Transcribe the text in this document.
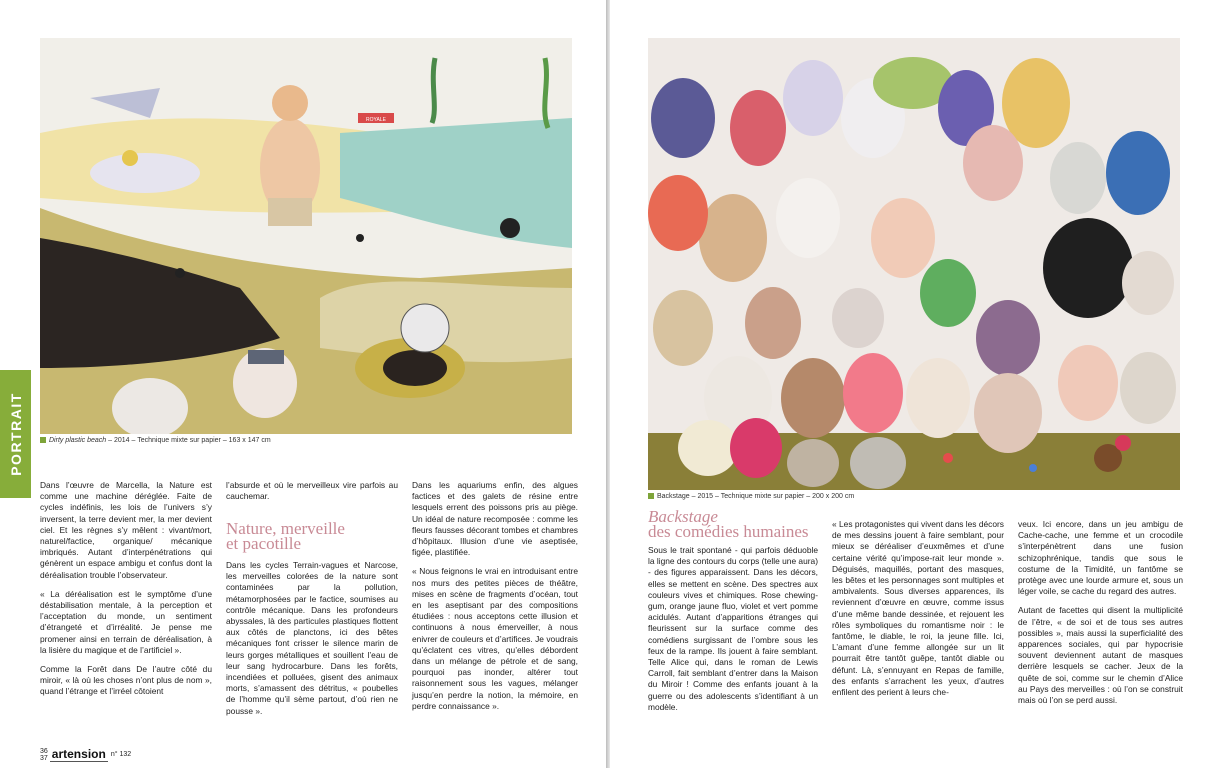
ROYALE
Dirty plastic beach – 2014 – Technique mixte sur papier – 163 x 147 cm
PORTRAIT

Dans l’œuvre de Marcella, la Nature est comme une machine déréglée. Faite de cycles indéfinis, les lois de l’univers s’y inversent, la terre devient mer, la mer devient ciel. Et les règnes s’y mêlent : vivant/mort, naturel/factice, organique/ mécanique imbriqués. Autant d’interpénétrations qui génèrent un espace ambigu et confus dont la déréalisation trouble l’observateur.

« La déréalisation est le symptôme d’une déstabilisation mentale, à la perception et l’acceptation du monde, un sentiment d’étrangeté et d’irréalité. Je pense me promener ainsi en terrain de déréalisation, à la lisière du magique et de l’artificiel ».

Comme la Forêt dans De l’autre côté du miroir, « là où les choses n’ont plus de nom », quand l’étrange et l’irréel côtoient

l’absurde et où le merveilleux vire parfois au cauchemar.

Nature, merveille
et pacotille

Dans les cycles Terrain-vagues et Narcose, les merveilles colorées de la nature sont contaminées par la pollution, métamorphosées par le factice, soumises au contrôle mécanique. Dans les profondeurs abyssales, là des particules plastiques flottent aux côtés de planctons, ici des bêtes mécaniques font crisser le silence marin de leurs gorges métalliques et souillent l’eau de leur sang hydrocarbure. Dans les forêts, incendiées et polluées, gisent des animaux morts, s’amassent des détritus, « poubelles de l’homme qu’il sème partout, d’où rien ne pousse ».

Dans les aquariums enfin, des algues factices et des galets de résine entre lesquels errent des poissons pris au piège. Un idéal de nature recomposée : comme les fleurs fausses décorant tombes et chambres d’hôpitaux. Illusion d’une vie aseptisée, figée, plastifiée.

« Nous feignons le vrai en introduisant entre nos murs des petites pièces de théâtre, mises en scène de fragments d’océan, tout en les aseptisant par des compositions étudiées : nous acceptons cette illusion et continuons à nous émerveiller, à nous enivrer de couleurs et d’artifices. Je voudrais qu’éclatent ces vitres, qu’elles débordent dans un mélange de pétrole et de sang, pourquoi pas inonder, altérer tout raisonnement sous les vagues, mélanger jusqu’en perdre la notion, la mémoire, en perdre connaissance ».

36
37 artension n° 132
Backstage – 2015 – Technique mixte sur papier – 200 x 200 cm
Backstage
des comédies humaines

Sous le trait spontané - qui parfois déduoble la ligne des contours du corps (telle une aura) - des figures apparaissent. Dans les décors, elles se mettent en scène. Des spectres aux couleurs vives et chimiques. Rose chewing-gum, orange jaune fluo, violet et vert pomme acidulés. Autant d’apparitions étranges qui fleurissent sur la surface comme des comédiens surgissant de l’ombre sous les feux de la rampe. Ils jouent à faire semblant. Telle Alice qui, dans le roman de Lewis Carroll, fait semblant d’entrer dans la Maison du Miroir ! Comme des enfants jouant à la guerre ou des adolescents s’identifiant à un modèle.

« Les protagonistes qui vivent dans les décors de mes dessins jouent à faire semblant, pour mieux se déréaliser d’euxmêmes et d’une certaine vérité qu’impose-rait leur monde ». Déguisés, maquillés, portant des masques, les bêtes et les personnages sont multiples et ambivalents. Sous diverses apparences, ils reviennent d’œuvre en œuvre, comme issus d’une même bande dessinée, et rejouent les rôles symboliques du romantisme noir : le fantôme, le diable, le roi, la jeune fille. Ici, L’amant d’une femme allongée sur un lit pourrait être tantôt guêpe, tantôt diable ou défunt. Là, s’ennuyant en Repas de famille, des enfants s’arrachent les yeux, d’autres enfilent des perient à leurs che-

veux. Ici encore, dans un jeu ambigu de Cache-cache, une femme et un crocodile s’interpénètrent dans une fusion schizophrénique, tandis que sous le costume de la Timidité, un fantôme se protège avec une lourde armure et, sous un léger voile, se cache du regard des autres.

Autant de facettes qui disent la multiplicité de l’être, « de soi et de tous ses autres possibles », mais aussi la superficialité des apparences sociales, qui par hypocrisie souvent deviennent autant de masques derrière lesquels se cacher. Jeux de la quête de soi, comme sur le chemin d’Alice au Pays des merveilles : où l’on se construit mais où l’on se perd aussi.
